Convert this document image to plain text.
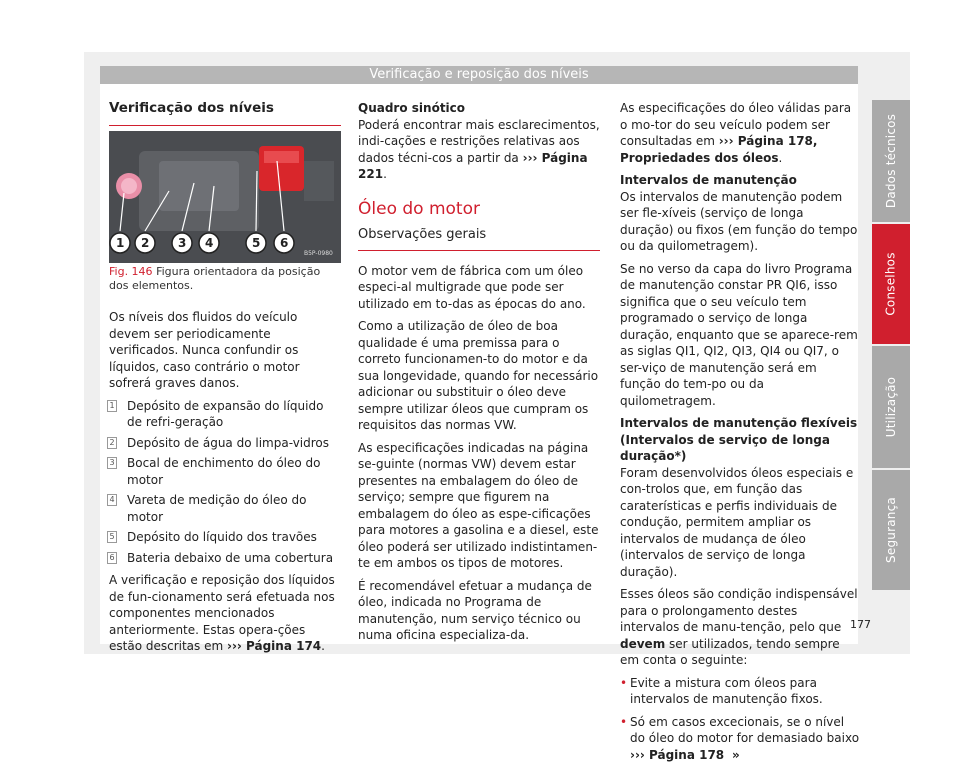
Verificação e reposição dos níveis
Dados técnicos
Conselhos
Utilização
Segurança
Verificação dos níveis
1 2 3 4	5 6
B5P-0980
Fig. 146 Figura orientadora da posição dos elementos.

Os níveis dos fluidos do veículo devem ser periodicamente verificados. Nunca confundir os líquidos, caso contrário o motor sofrerá graves danos.

1 Depósito de expansão do líquido de refri-geração
2 Depósito de água do limpa-vidros
3 Bocal de enchimento do óleo do motor
4 Vareta de medição do óleo do motor
5 Depósito do líquido dos travões
6 Bateria debaixo de uma cobertura

A verificação e reposição dos líquidos de fun-cionamento será efetuada nos componentes mencionados anteriormente. Estas opera-ções estão descritas em ››› Página 174.

Quadro sinótico

Poderá encontrar mais esclarecimentos, indi-cações e restrições relativas aos dados técni-cos a partir da ››› Página 221.

Óleo do motor
Observações gerais

O motor vem de fábrica com um óleo especi-al multigrade que pode ser utilizado em to-das as épocas do ano.

Como a utilização de óleo de boa qualidade é uma premissa para o correto funcionamen-to do motor e da sua longevidade, quando for necessário adicionar ou substituir o óleo deve sempre utilizar óleos que cumpram os requisitos das normas VW.

As especificações indicadas na página se-guinte (normas VW) devem estar presentes na embalagem do óleo de serviço; sempre que figurem na embalagem do óleo as espe-cificações para motores a gasolina e a diesel, este óleo poderá ser utilizado indistintamen-te em ambos os tipos de motores.

É recomendável efetuar a mudança de óleo, indicada no Programa de manutenção, num serviço técnico ou numa oficina especializa-da.

As especificações do óleo válidas para o mo-tor do seu veículo podem ser consultadas em ››› Página 178, Propriedades dos óleos.

Intervalos de manutenção

Os intervalos de manutenção podem ser fle-xíveis (serviço de longa duração) ou fixos (em função do tempo ou da quilometragem).

Se no verso da capa do livro Programa de manutenção constar PR QI6, isso significa que o seu veículo tem programado o serviço de longa duração, enquanto que se aparece-rem as siglas QI1, QI2, QI3, QI4 ou QI7, o ser-viço de manutenção será em função do tem-po ou da quilometragem.

Intervalos de manutenção flexíveis (Intervalos de serviço de longa duração*)

Foram desenvolvidos óleos especiais e con-trolos que, em função das caraterísticas e perfis individuais de condução, permitem ampliar os intervalos de mudança de óleo (intervalos de serviço de longa duração).

Esses óleos são condição indispensável para o prolongamento destes intervalos de manu-tenção, pelo que devem ser utilizados, tendo sempre em conta o seguinte:

• Evite a mistura com óleos para intervalos de manutenção fixos.

• Só em casos excecionais, se o nível do óleo do motor for demasiado baixo ››› Página 178 »

177
